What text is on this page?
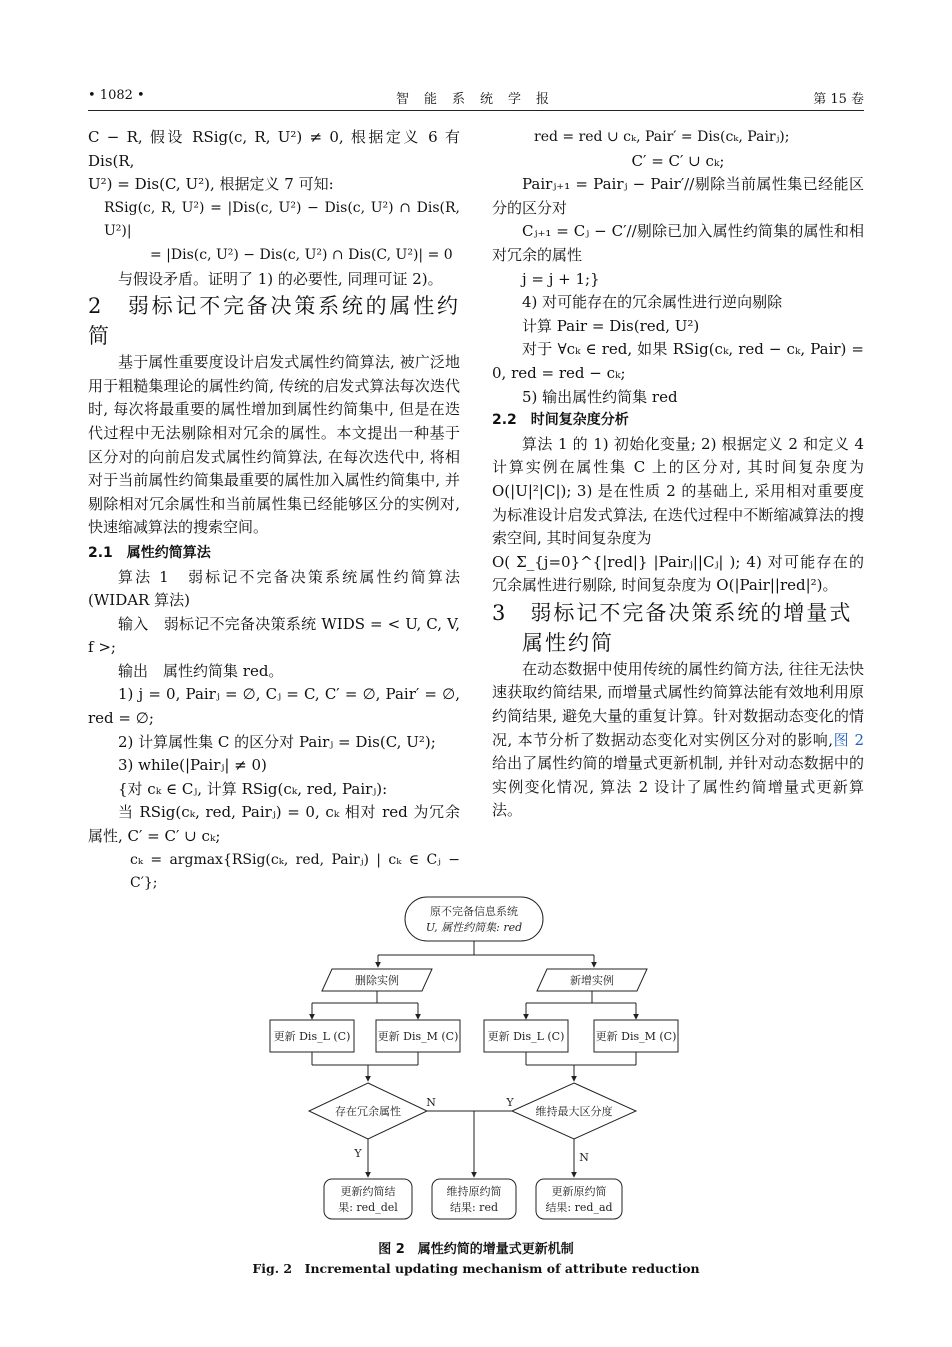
• 1082 •	智　能　系　统　学　报	第 15 卷

C − R, 假设 RSig(c, R, U²) ≠ 0, 根据定义 6 有 Dis(R,

U²) = Dis(C, U²), 根据定义 7 可知:

RSig(c, R, U²) = |Dis(c, U²) − Dis(c, U²) ∩ Dis(R, U²)|

= |Dis(c, U²) − Dis(c, U²) ∩ Dis(C, U²)| = 0

与假设矛盾。证明了 1) 的必要性, 同理可证 2)。

2　弱标记不完备决策系统的属性约简

基于属性重要度设计启发式属性约简算法, 被广泛地用于粗糙集理论的属性约简, 传统的启发式算法每次迭代时, 每次将最重要的属性增加到属性约简集中, 但是在迭代过程中无法剔除相对冗余的属性。本文提出一种基于区分对的向前启发式属性约简算法, 在每次迭代中, 将相对于当前属性约简集最重要的属性加入属性约简集中, 并剔除相对冗余属性和当前属性集已经能够区分的实例对, 快速缩减算法的搜索空间。

2.1　属性约简算法

算法 1　弱标记不完备决策系统属性约简算法 (WIDAR 算法)

输入　弱标记不完备决策系统 WIDS = < U, C, V, f >;

输出　属性约简集 red。

1) j = 0, Pairⱼ = ∅, Cⱼ = C, C′ = ∅, Pair′ = ∅, red = ∅;

2) 计算属性集 C 的区分对 Pairⱼ = Dis(C, U²);

3) while(|Pairⱼ| ≠ 0)

{对 cₖ ∈ Cⱼ, 计算 RSig(cₖ, red, Pairⱼ):

当 RSig(cₖ, red, Pairⱼ) = 0, cₖ 相对 red 为冗余属性, C′ = C′ ∪ cₖ;

cₖ = argmax{RSig(cₖ, red, Pairⱼ) | cₖ ∈ Cⱼ − C′};

red = red ∪ cₖ, Pair′ = Dis(cₖ, Pairⱼ);

C′ = C′ ∪ cₖ;

Pairⱼ₊₁ = Pairⱼ − Pair′//剔除当前属性集已经能区分的区分对

Cⱼ₊₁ = Cⱼ − C′//剔除已加入属性约简集的属性和相对冗余的属性

j = j + 1;}

4) 对可能存在的冗余属性进行逆向剔除

计算 Pair = Dis(red, U²)

对于 ∀cₖ ∈ red, 如果 RSig(cₖ, red − cₖ, Pair) = 0, red = red − cₖ;

5) 输出属性约简集 red

2.2　时间复杂度分析

算法 1 的 1) 初始化变量; 2) 根据定义 2 和定义 4 计算实例在属性集 C 上的区分对, 其时间复杂度为 O(|U|²|C|); 3) 是在性质 2 的基础上, 采用相对重要度为标准设计启发式算法, 在迭代过程中不断缩减算法的搜索空间, 其时间复杂度为

O( Σ_{j=0}^{|red|} |Pairⱼ||Cⱼ| ); 4) 对可能存在的冗余属性进行剔除, 时间复杂度为 O(|Pair||red|²)。

3　弱标记不完备决策系统的增量式

属性约简

在动态数据中使用传统的属性约简方法, 往往无法快速获取约简结果, 而增量式属性约简算法能有效地利用原约简结果, 避免大量的重复计算。针对数据动态变化的情况, 本节分析了数据动态变化对实例区分对的影响,图 2给出了属性约简的增量式更新机制, 并针对动态数据中的实例变化情况, 算法 2 设计了属性约简增量式更新算法。

原不完备信息系统
U, 属性约简集: red
删除实例	新增实例
更新 Dis_L (C) 更新 Dis_M (C)	更新 Dis_L (C)	更新 Dis_M (C)
存在冗余属性	维持最大区分度
N	Y
Y	N
更新约简结
果: red_del
维持原约简
结果: red
更新原约简
结果: red_ad
图 2　属性约简的增量式更新机制
Fig. 2　Incremental updating mechanism of attribute reduction
